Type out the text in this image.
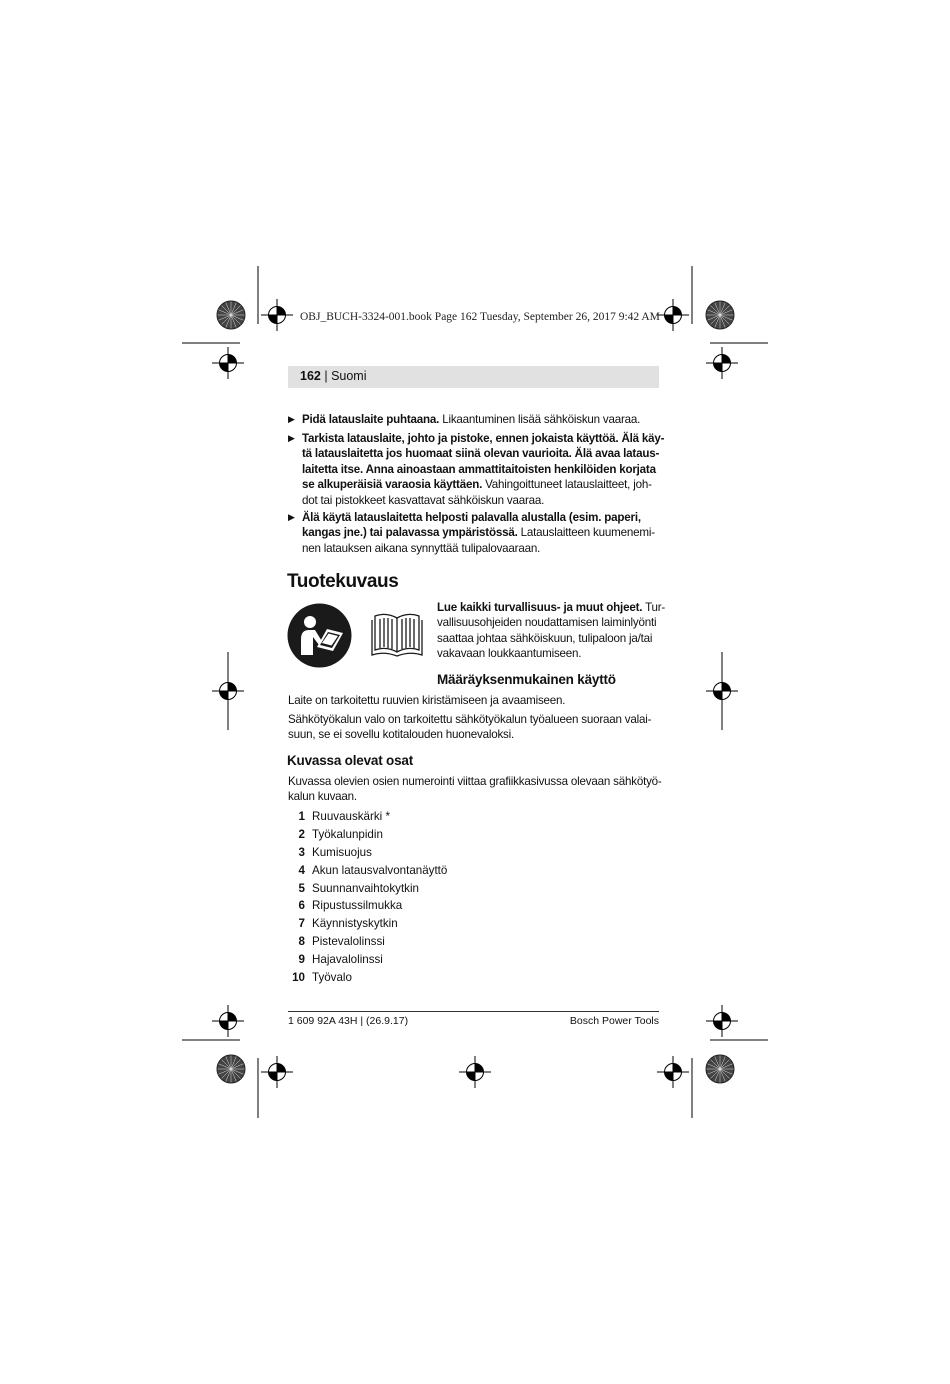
OBJ_BUCH-3324-001.book Page 162 Tuesday, September 26, 2017 9:42 AM
162 | Suomi
▶ Pidä latauslaite puhtaana. Likaantuminen lisää sähköiskun vaaraa.
▶ Tarkista latauslaite, johto ja pistoke, ennen jokaista käyttöä. Älä käy-
tä latauslaitetta jos huomaat siinä olevan vaurioita. Älä avaa lataus-
laitetta itse. Anna ainoastaan ammattitaitoisten henkilöiden korjata
se alkuperäisiä varaosia käyttäen. Vahingoittuneet latauslaitteet, joh-
dot tai pistokkeet kasvattavat sähköiskun vaaraa.
▶ Älä käytä latauslaitetta helposti palavalla alustalla (esim. paperi,
kangas jne.) tai palavassa ympäristössä. Latauslaitteen kuumenemi-
nen latauksen aikana synnyttää tulipalovaaraan.
Tuotekuvaus
Lue kaikki turvallisuus- ja muut ohjeet. Tur-
vallisuusohjeiden noudattamisen laiminlyönti
saattaa johtaa sähköiskuun, tulipaloon ja/tai
vakavaan loukkaantumiseen.
Määräyksenmukainen käyttö
Laite on tarkoitettu ruuvien kiristämiseen ja avaamiseen.
Sähkötyökalun valo on tarkoitettu sähkötyökalun työalueen suoraan valai-
suun, se ei sovellu kotitalouden huonevaloksi.
Kuvassa olevat osat
Kuvassa olevien osien numerointi viittaa grafiikkasivussa olevaan sähkötyö-
kalun kuvaan.
1 Ruuvauskärki *
2 Työkalunpidin
3 Kumisuojus
4 Akun latausvalvontanäyttö
5 Suunnanvaihtokytkin
6 Ripustussilmukka
7 Käynnistyskytkin
8 Pistevalolinssi
9 Hajavalolinssi
10 Työvalo
1 609 92A 43H | (26.9.17)	Bosch Power Tools
